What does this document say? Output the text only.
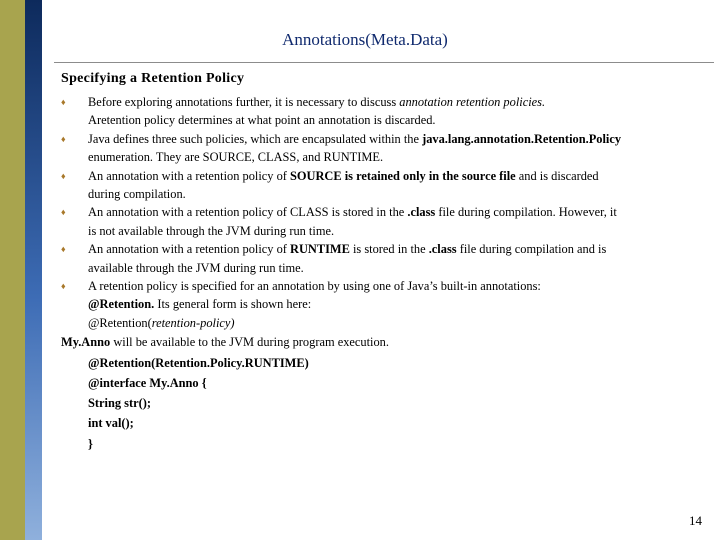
Annotations(Meta.Data)
Specifying a Retention Policy
♦ Before exploring annotations further, it is necessary to discuss annotation retention policies.
Aretention policy determines at what point an annotation is discarded.
♦ Java defines three such policies, which are encapsulated within the java.lang.annotation.Retention.Policy
enumeration. They are SOURCE, CLASS, and RUNTIME.
♦ An annotation with a retention policy of SOURCE is retained only in the source file and is discarded
during compilation.
♦ An annotation with a retention policy of CLASS is stored in the .class file during compilation. However, it
is not available through the JVM during run time.
♦ An annotation with a retention policy of RUNTIME is stored in the .class file during compilation and is
available through the JVM during run time.
♦ A retention policy is specified for an annotation by using one of Java’s built-in annotations:
@Retention. Its general form is shown here:
@Retention(retention-policy)
My.Anno will be available to the JVM during program execution.
@Retention(Retention.Policy.RUNTIME)
@interface My.Anno {
String str();
int val();
}
14
